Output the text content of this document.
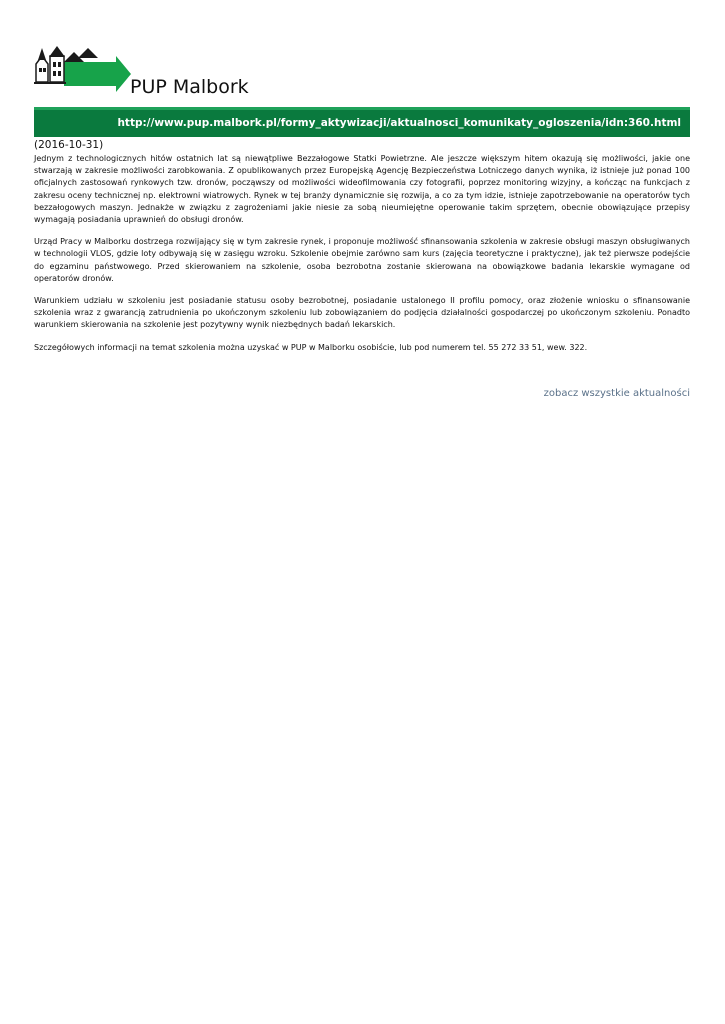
PUP Malbork
http://www.pup.malbork.pl/formy_aktywizacji/aktualnosci_komunikaty_ogloszenia/idn:360.html
(2016-10-31)

Jednym z technologicznych hitów ostatnich lat są niewątpliwe Bezzałogowe Statki Powietrzne. Ale jeszcze większym hitem okazują się możliwości, jakie one stwarzają w zakresie możliwości zarobkowania. Z opublikowanych przez Europejską Agencję Bezpieczeństwa Lotniczego danych wynika, iż istnieje już ponad 100 oficjalnych zastosowań rynkowych tzw. dronów, począwszy od możliwości wideofilmowania czy fotografii, poprzez monitoring wizyjny, a kończąc na funkcjach z zakresu oceny technicznej np. elektrowni wiatrowych. Rynek w tej branży dynamicznie się rozwija, a co za tym idzie, istnieje zapotrzebowanie na operatorów tych bezzałogowych maszyn. Jednakże w związku z zagrożeniami jakie niesie za sobą nieumiejętne operowanie takim sprzętem, obecnie obowiązujące przepisy wymagają posiadania uprawnień do obsługi dronów.

Urząd Pracy w Malborku dostrzega rozwijający się w tym zakresie rynek, i proponuje możliwość sfinansowania szkolenia w zakresie obsługi maszyn obsługiwanych w technologii VLOS, gdzie loty odbywają się w zasięgu wzroku. Szkolenie obejmie zarówno sam kurs (zajęcia teoretyczne i praktyczne), jak też pierwsze podejście do egzaminu państwowego. Przed skierowaniem na szkolenie, osoba bezrobotna zostanie skierowana na obowiązkowe badania lekarskie wymagane od operatorów dronów.

Warunkiem udziału w szkoleniu jest posiadanie statusu osoby bezrobotnej, posiadanie ustalonego II profilu pomocy, oraz złożenie wniosku o sfinansowanie szkolenia wraz z gwarancją zatrudnienia po ukończonym szkoleniu lub zobowiązaniem do podjęcia działalności gospodarczej po ukończonym szkoleniu. Ponadto warunkiem skierowania na szkolenie jest pozytywny wynik niezbędnych badań lekarskich.

Szczegółowych informacji na temat szkolenia można uzyskać w PUP w Malborku osobiście, lub pod numerem tel. 55 272 33 51, wew. 322.

zobacz wszystkie aktualności
